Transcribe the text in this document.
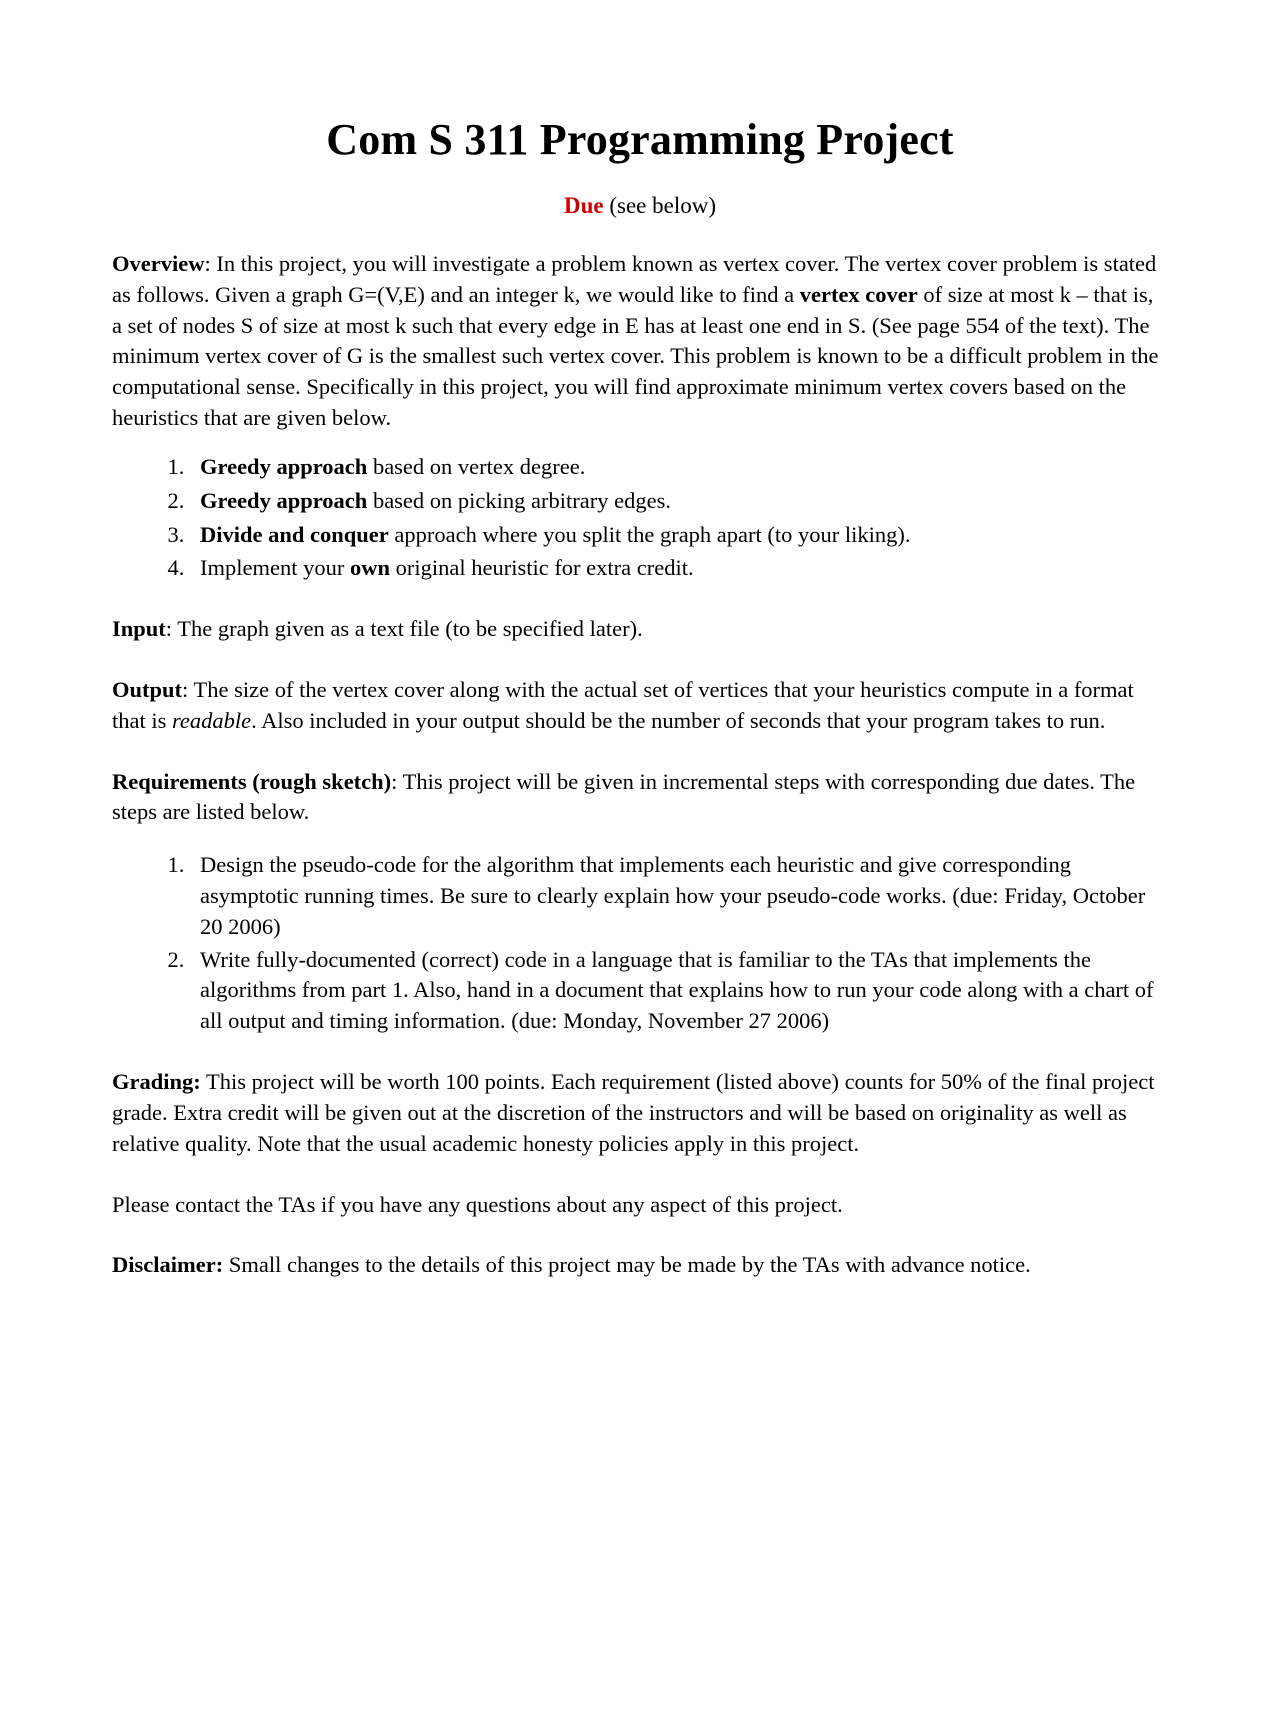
Com S 311 Programming Project

Due (see below)

Overview: In this project, you will investigate a problem known as vertex cover. The vertex cover problem is stated as follows. Given a graph G=(V,E) and an integer k, we would like to find a vertex cover of size at most k – that is, a set of nodes S of size at most k such that every edge in E has at least one end in S. (See page 554 of the text). The minimum vertex cover of G is the smallest such vertex cover. This problem is known to be a difficult problem in the computational sense. Specifically in this project, you will find approximate minimum vertex covers based on the heuristics that are given below.

1. Greedy approach based on vertex degree.
2. Greedy approach based on picking arbitrary edges.
3. Divide and conquer approach where you split the graph apart (to your liking).
4. Implement your own original heuristic for extra credit.

Input: The graph given as a text file (to be specified later).

Output: The size of the vertex cover along with the actual set of vertices that your heuristics compute in a format that is readable. Also included in your output should be the number of seconds that your program takes to run.

Requirements (rough sketch): This project will be given in incremental steps with corresponding due dates. The steps are listed below.

1. Design the pseudo-code for the algorithm that implements each heuristic and give corresponding asymptotic running times. Be sure to clearly explain how your pseudo-code works. (due: Friday, October 20 2006)
2. Write fully-documented (correct) code in a language that is familiar to the TAs that implements the algorithms from part 1. Also, hand in a document that explains how to run your code along with a chart of all output and timing information. (due: Monday, November 27 2006)

Grading: This project will be worth 100 points. Each requirement (listed above) counts for 50% of the final project grade. Extra credit will be given out at the discretion of the instructors and will be based on originality as well as relative quality. Note that the usual academic honesty policies apply in this project.

Please contact the TAs if you have any questions about any aspect of this project.

Disclaimer: Small changes to the details of this project may be made by the TAs with advance notice.
